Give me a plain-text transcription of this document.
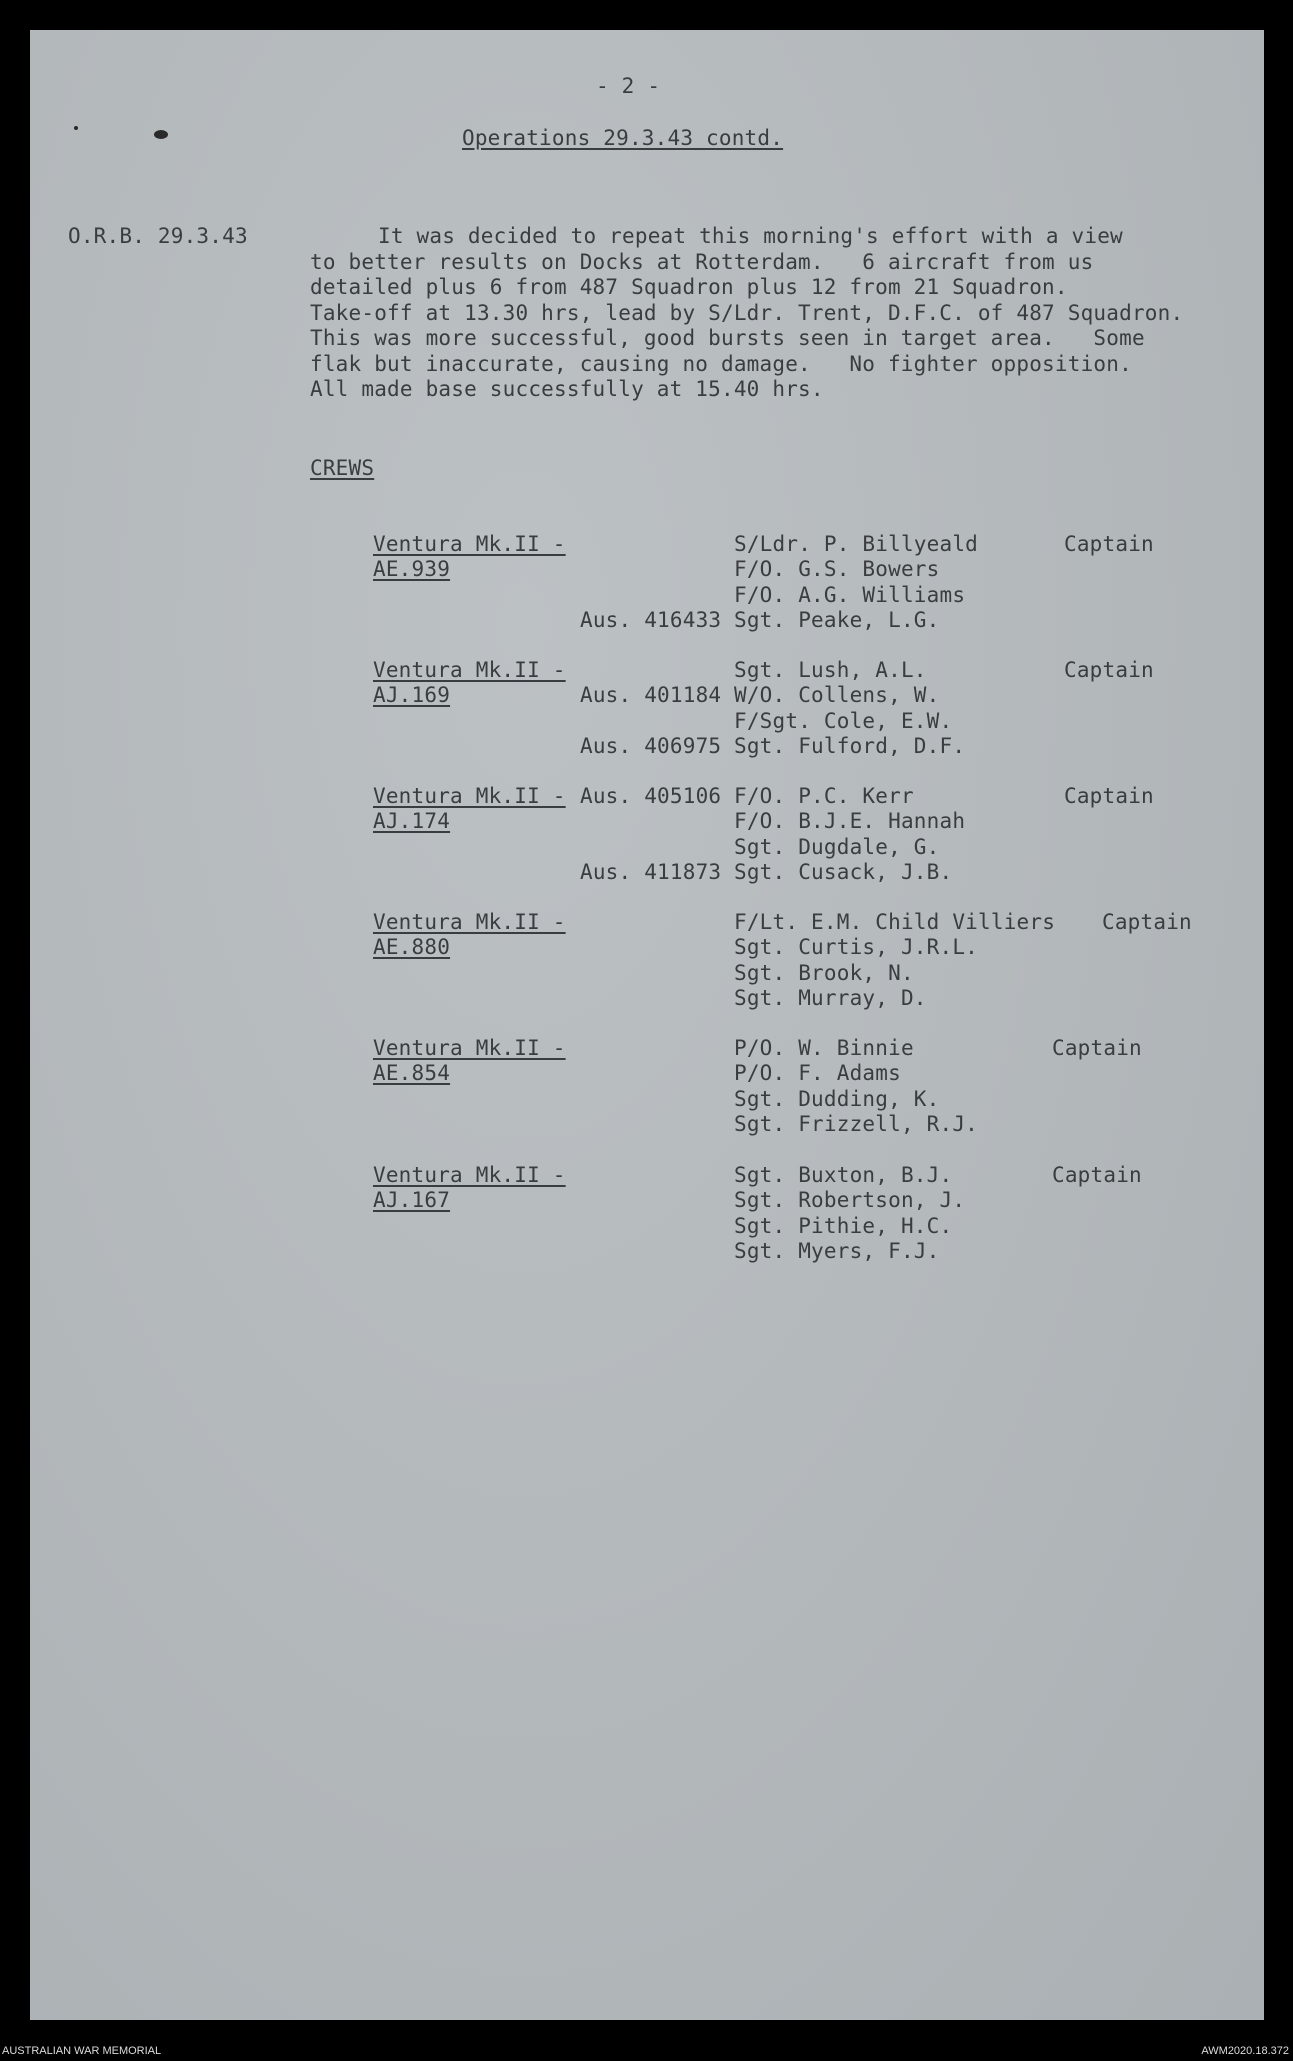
- 2 -
Operations 29.3.43 contd.
O.R.B. 29.3.43	It was decided to repeat this morning's effort with a view
to better results on Docks at Rotterdam.   6 aircraft from us
detailed plus 6 from 487 Squadron plus 12 from 21 Squadron.
Take-off at 13.30 hrs, lead by S/Ldr. Trent, D.F.C. of 487 Squadron.
This was more successful, good bursts seen in target area.   Some
flak but inaccurate, causing no damage.   No fighter opposition.
All made base successfully at 15.40 hrs.
CREWS
Ventura Mk.II -
AE.939
Captain
S/Ldr. P. Billyeald
F/O. G.S. Bowers
F/O. A.G. Williams
Aus. 416433 Sgt. Peake, L.G.
Ventura Mk.II -
AJ.169
Captain
Sgt. Lush, A.L.
Aus. 401184 W/O. Collens, W.
F/Sgt. Cole, E.W.
Aus. 406975 Sgt. Fulford, D.F.
Ventura Mk.II -
AJ.174
Captain
Aus. 405106 F/O. P.C. Kerr
F/O. B.J.E. Hannah
Sgt. Dugdale, G.
Aus. 411873 Sgt. Cusack, J.B.
Ventura Mk.II -
AE.880
Captain
F/Lt. E.M. Child Villiers
Sgt. Curtis, J.R.L.
Sgt. Brook, N.
Sgt. Murray, D.
Ventura Mk.II -
AE.854
Captain
P/O. W. Binnie
P/O. F. Adams
Sgt. Dudding, K.
Sgt. Frizzell, R.J.
Ventura Mk.II -
AJ.167
Captain
Sgt. Buxton, B.J.
Sgt. Robertson, J.
Sgt. Pithie, H.C.
Sgt. Myers, F.J.
AUSTRALIAN WAR MEMORIAL	AWM2020.18.372
